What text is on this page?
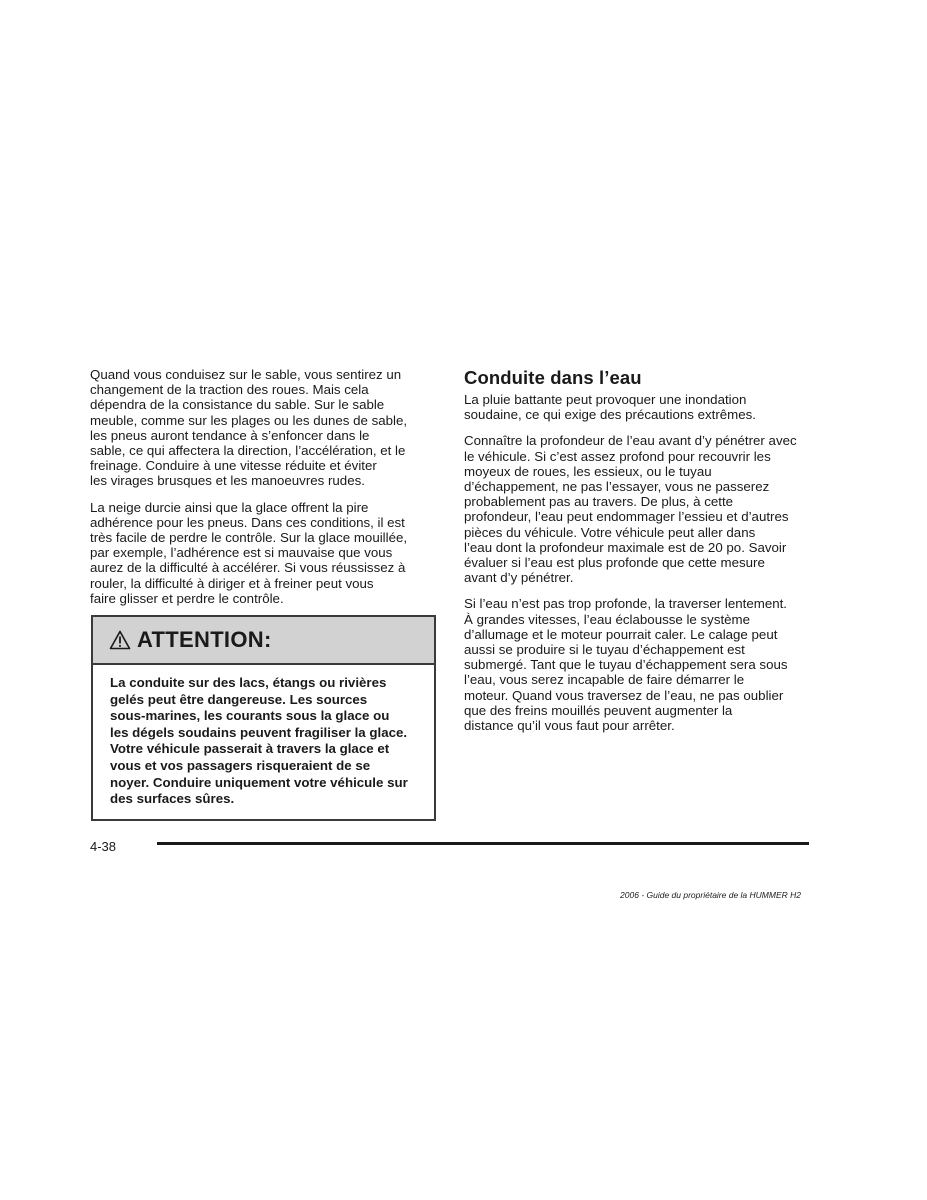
Quand vous conduisez sur le sable, vous sentirez un
changement de la traction des roues. Mais cela
dépendra de la consistance du sable. Sur le sable
meuble, comme sur les plages ou les dunes de sable,
les pneus auront tendance à s’enfoncer dans le
sable, ce qui affectera la direction, l’accélération, et le
freinage. Conduire à une vitesse réduite et éviter
les virages brusques et les manoeuvres rudes.

La neige durcie ainsi que la glace offrent la pire
adhérence pour les pneus. Dans ces conditions, il est
très facile de perdre le contrôle. Sur la glace mouillée,
par exemple, l’adhérence est si mauvaise que vous
aurez de la difficulté à accélérer. Si vous réussissez à
rouler, la difficulté à diriger et à freiner peut vous
faire glisser et perdre le contrôle.

ATTENTION:
La conduite sur des lacs, étangs ou rivières
gelés peut être dangereuse. Les sources
sous-marines, les courants sous la glace ou
les dégels soudains peuvent fragiliser la glace.
Votre véhicule passerait à travers la glace et
vous et vos passagers risqueraient de se
noyer. Conduire uniquement votre véhicule sur
des surfaces sûres.
Conduite dans l’eau

La pluie battante peut provoquer une inondation
soudaine, ce qui exige des précautions extrêmes.

Connaître la profondeur de l’eau avant d’y pénétrer avec
le véhicule. Si c’est assez profond pour recouvrir les
moyeux de roues, les essieux, ou le tuyau
d’échappement, ne pas l’essayer, vous ne passerez
probablement pas au travers. De plus, à cette
profondeur, l’eau peut endommager l’essieu et d’autres
pièces du véhicule. Votre véhicule peut aller dans
l’eau dont la profondeur maximale est de 20 po. Savoir
évaluer si l’eau est plus profonde que cette mesure
avant d’y pénétrer.

Si l’eau n’est pas trop profonde, la traverser lentement.
À grandes vitesses, l’eau éclabousse le système
d’allumage et le moteur pourrait caler. Le calage peut
aussi se produire si le tuyau d’échappement est
submergé. Tant que le tuyau d’échappement sera sous
l’eau, vous serez incapable de faire démarrer le
moteur. Quand vous traversez de l’eau, ne pas oublier
que des freins mouillés peuvent augmenter la
distance qu’il vous faut pour arrêter.

4-38
2006 - Guide du propriétaire de la HUMMER H2
